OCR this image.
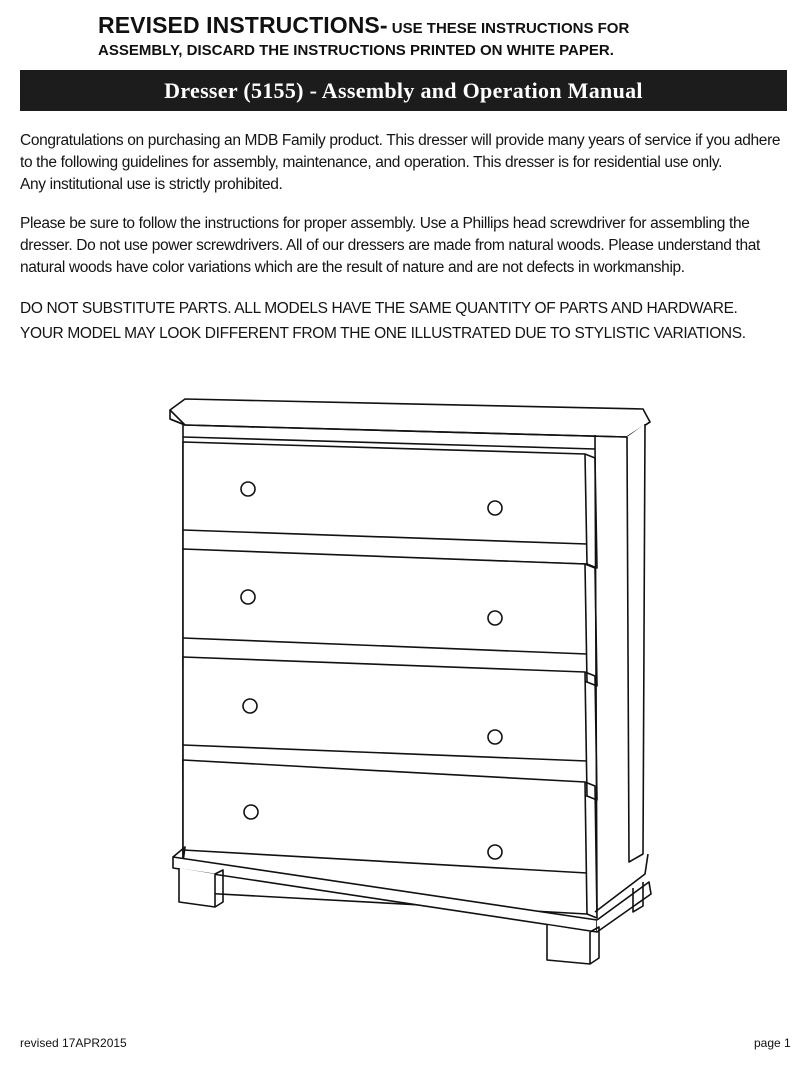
REVISED INSTRUCTIONS- USE THESE INSTRUCTIONS FOR
ASSEMBLY, DISCARD THE INSTRUCTIONS PRINTED ON WHITE PAPER.
Dresser (5155) - Assembly and Operation Manual
Congratulations on purchasing an MDB Family product. This dresser will provide many years of service if you adhere
to the following guidelines for assembly, maintenance, and operation. This dresser is for residential use only.
Any institutional use is strictly prohibited.
Please be sure to follow the instructions for proper assembly. Use a Phillips head screwdriver for assembling the
dresser. Do not use power screwdrivers. All of our dressers are made from natural woods. Please understand that
natural woods have color variations which are the result of nature and are not defects in workmanship.
DO NOT SUBSTITUTE PARTS. ALL MODELS HAVE THE SAME QUANTITY OF PARTS AND HARDWARE.
YOUR MODEL MAY LOOK DIFFERENT FROM THE ONE ILLUSTRATED DUE TO STYLISTIC VARIATIONS.
revised 17APR2015	page 1
